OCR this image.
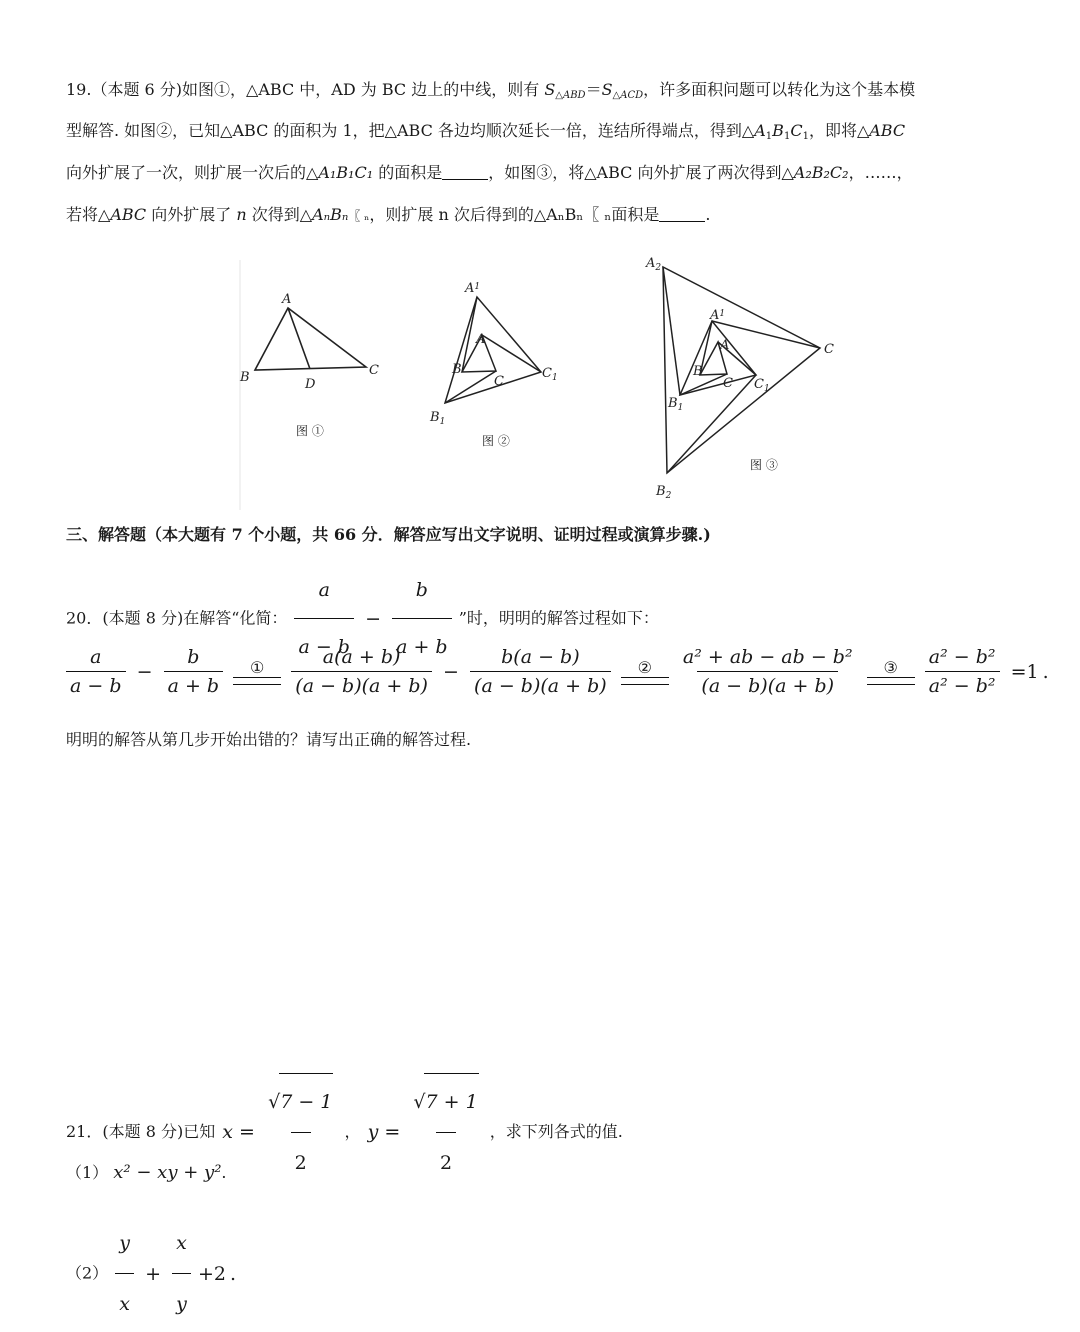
19.（本题 6 分)如图①，△ABC 中，AD 为 BC 边上的中线，则有 $S_{\triangle ABD}=S_{\triangle ACD}$，许多面积问题可以转化为这个基本模
型解答. 如图②，已知△ABC 的面积为 1，把△ABC 各边均顺次延长一倍，连结所得端点，得到$\triangle A_1B_1C_1$，即将△ABC
向外扩展了一次，则扩展一次后的△A₁B₁C₁ 的面积是	，如图③，将△ABC 向外扩展了两次得到△A₂B₂C₂，……，
若将△ABC 向外扩展了 n 次得到△AₙBₙ〖 ₙ，则扩展 n 次后得到的△AₙBₙ〖 ₙ面积是	.
A
B	C
D
图 ①
$A^1$
A
B
C
$C_1$
$B_1$
图 ②
$A_2$
$A^1$
A
B
C $C_1$
$B_1$
C
$B_2$
图 ③
三、解答题（本大题有 7 个小题，共 66 分．解答应写出文字说明、证明过程或演算步骤.)
20．(本题 8 分)在解答“化简： $\frac{a}{a - b} - \frac{b}{a + b}$ ”时，明明的解答过程如下：
$\frac{a}{a - b} - \frac{b}{a + b}$
①
$\frac{a(a + b)}{(a - b)(a + b)} - \frac{b(a - b)}{(a - b)(a + b)}$
②
$\frac{\text{a² + ab − ab − b²}}{(a - b)(a + b)}$
③
$\frac{\text{a² − b²}}{\text{a² − b²}} =1$ .
明明的解答从第几步开始出错的？请写出正确的解答过程.
21．(本题 8 分)已知 $x = \frac{√7 - 1}{2}$ ， $y = \frac{√7 + 1}{2}$ ，求下列各式的值.
（1） x² − xy + y².
$(2) \frac{y}{x} + \frac{x}{y} +2$ .
